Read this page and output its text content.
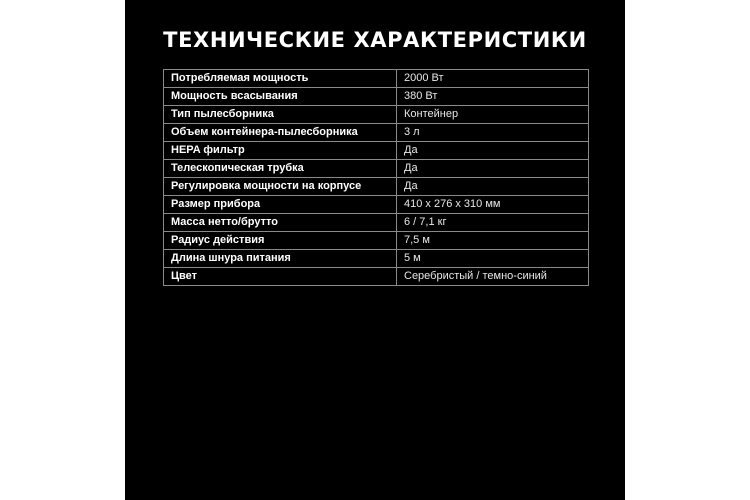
ТЕХНИЧЕСКИЕ ХАРАКТЕРИСТИКИ
Потребляемая мощность	2000 Вт
Мощность всасывания	380 Вт
Тип пылесборника	Контейнер
Объем контейнера-пылесборника	3 л
HEPA фильтр	Да
Телескопическая трубка	Да
Регулировка мощности на корпусе	Да
Размер прибора	410 x 276 x 310 мм
Масса нетто/брутто	6 / 7,1 кг
Радиус действия	7,5 м
Длина шнура питания	5 м
Цвет	Серебристый / темно-синий
